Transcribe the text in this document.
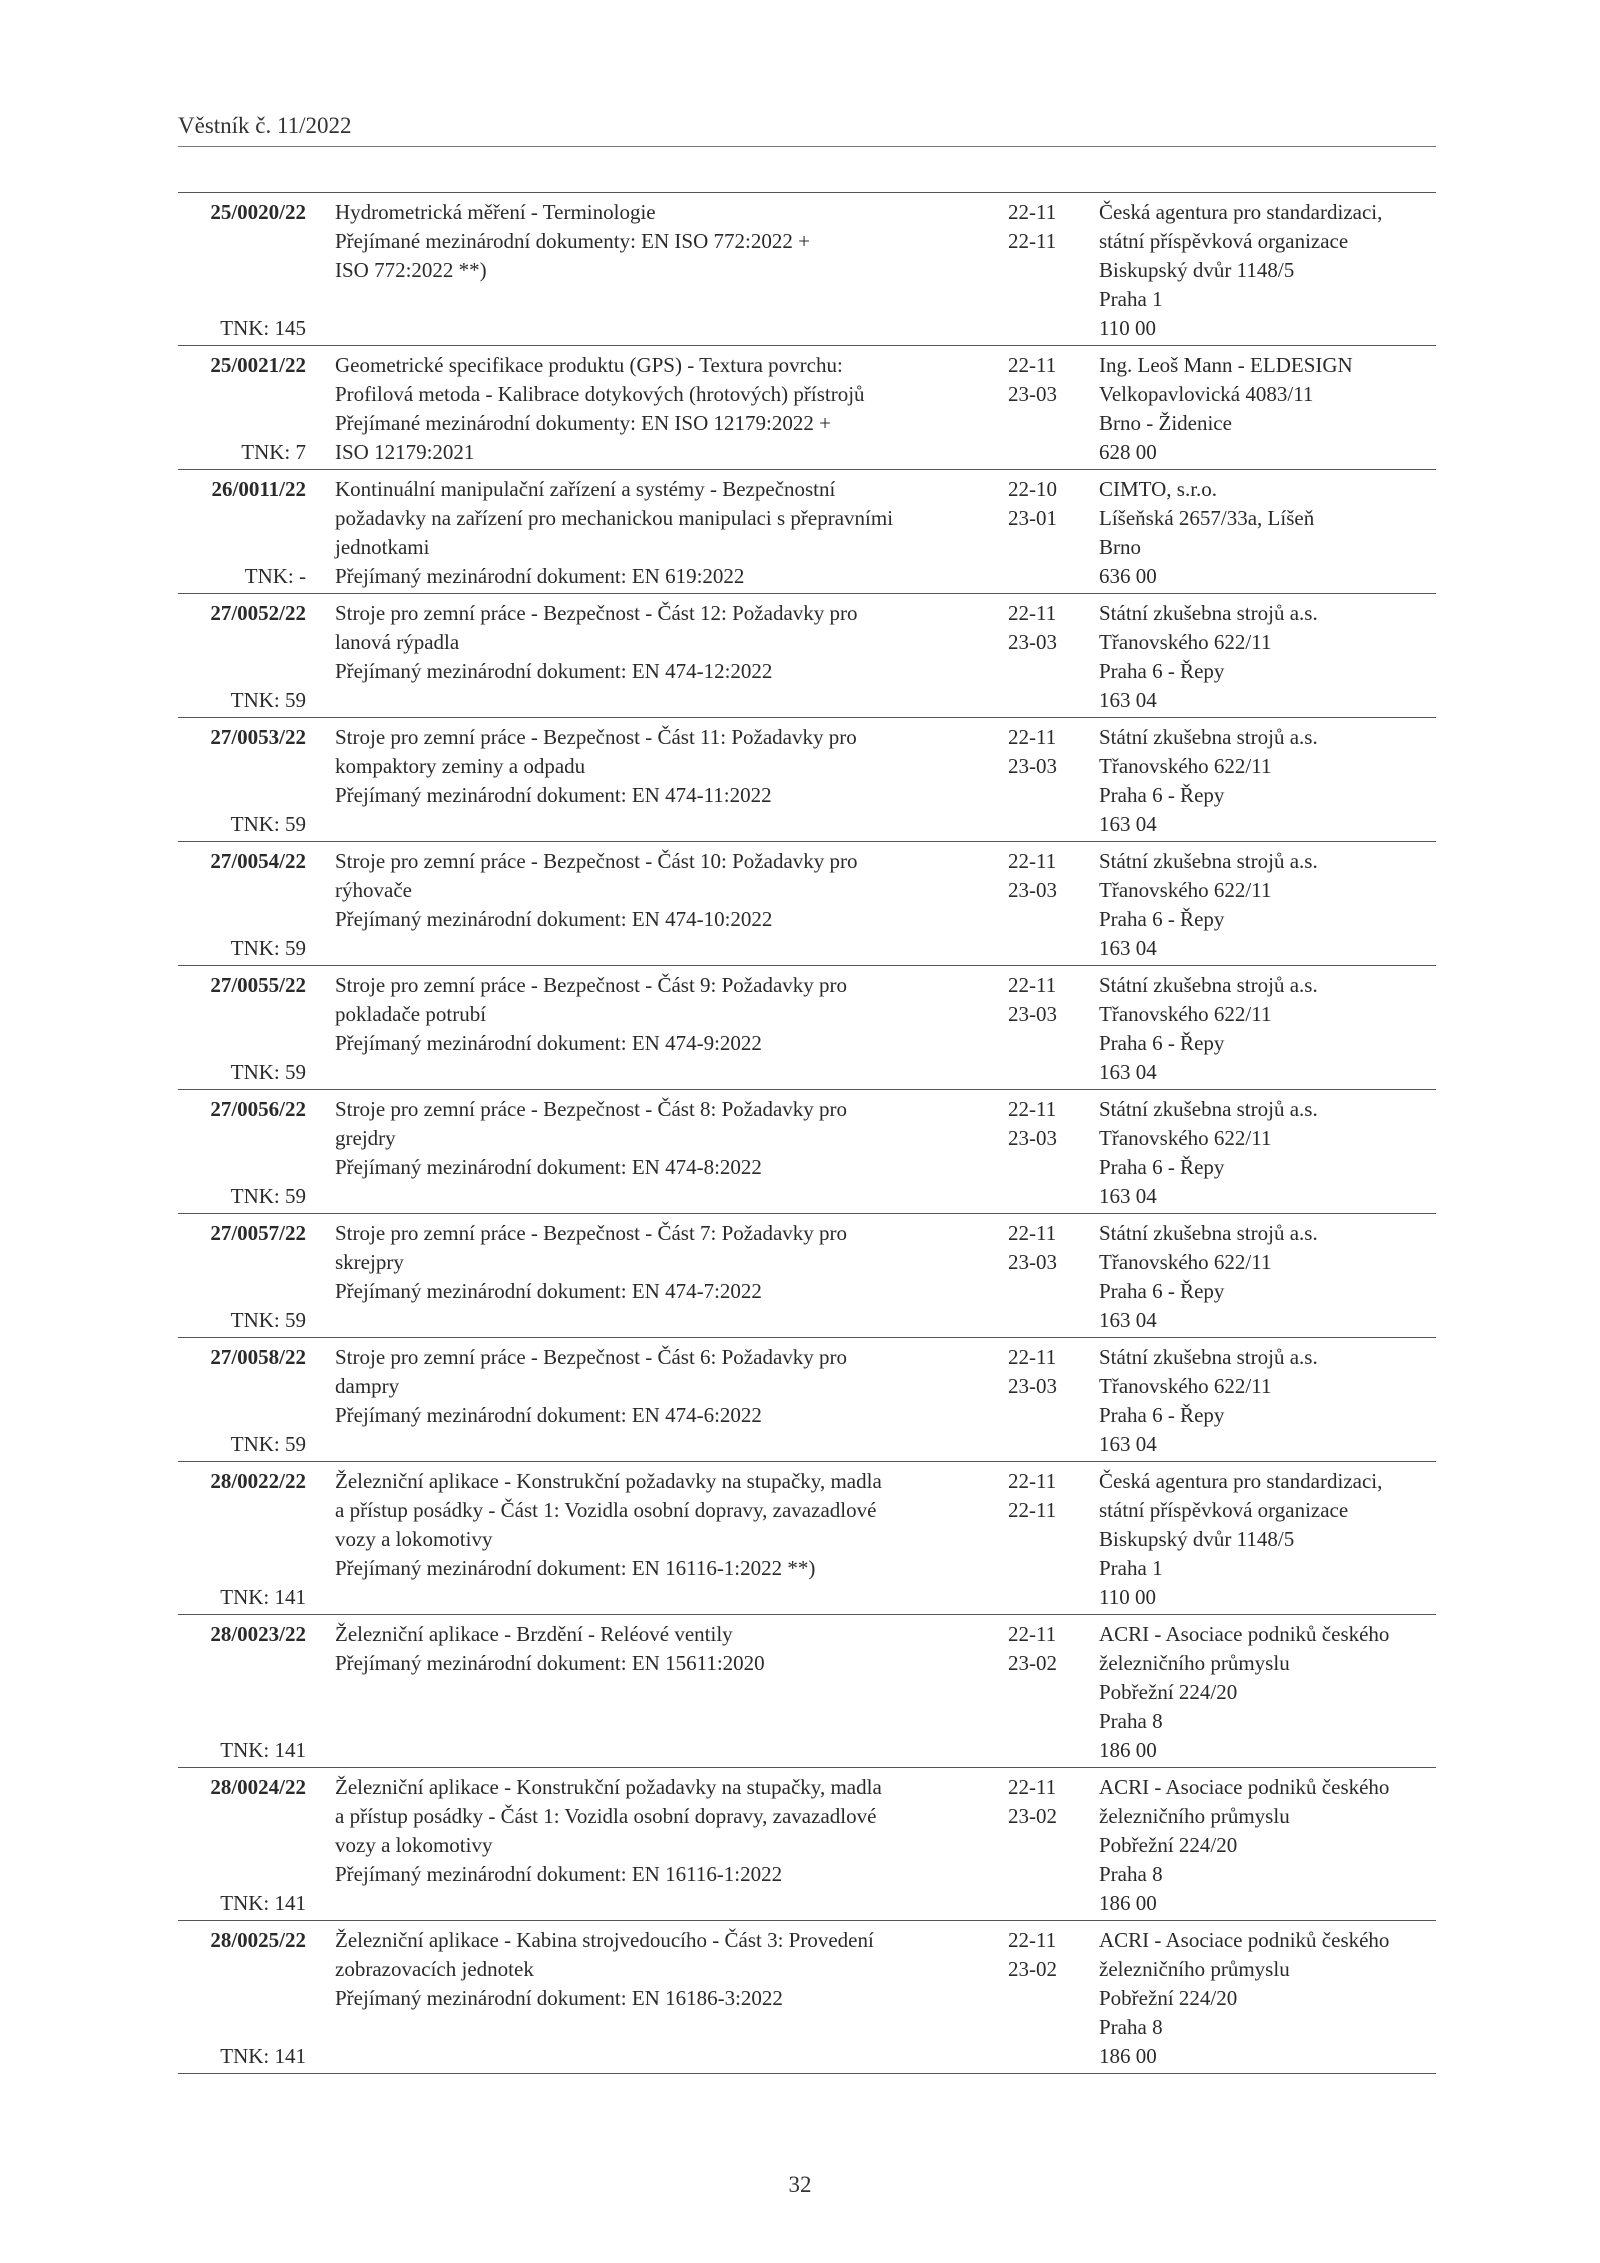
Věstník č. 11/2022
25/0020/22
TNK: 145
Hydrometrická měření - Terminologie
Přejímané mezinárodní dokumenty: EN ISO 772:2022 +
ISO 772:2022 **)
22-11
22-11
Česká agentura pro standardizaci,
státní příspěvková organizace
Biskupský dvůr 1148/5
Praha 1
110 00
25/0021/22
TNK: 7
Geometrické specifikace produktu (GPS) - Textura povrchu:
Profilová metoda - Kalibrace dotykových (hrotových) přístrojů
Přejímané mezinárodní dokumenty: EN ISO 12179:2022 +
ISO 12179:2021
22-11
23-03
Ing. Leoš Mann - ELDESIGN
Velkopavlovická 4083/11
Brno - Židenice
628 00
26/0011/22
TNK: -
Kontinuální manipulační zařízení a systémy - Bezpečnostní
požadavky na zařízení pro mechanickou manipulaci s přepravními
jednotkami
Přejímaný mezinárodní dokument: EN 619:2022
22-10
23-01
CIMTO, s.r.o.
Líšeňská 2657/33a, Líšeň
Brno
636 00
27/0052/22
TNK: 59
Stroje pro zemní práce - Bezpečnost - Část 12: Požadavky pro
lanová rýpadla
Přejímaný mezinárodní dokument: EN 474-12:2022
22-11
23-03
Státní zkušebna strojů a.s.
Třanovského 622/11
Praha 6 - Řepy
163 04
27/0053/22
TNK: 59
Stroje pro zemní práce - Bezpečnost - Část 11: Požadavky pro
kompaktory zeminy a odpadu
Přejímaný mezinárodní dokument: EN 474-11:2022
22-11
23-03
Státní zkušebna strojů a.s.
Třanovského 622/11
Praha 6 - Řepy
163 04
27/0054/22
TNK: 59
Stroje pro zemní práce - Bezpečnost - Část 10: Požadavky pro
rýhovače
Přejímaný mezinárodní dokument: EN 474-10:2022
22-11
23-03
Státní zkušebna strojů a.s.
Třanovského 622/11
Praha 6 - Řepy
163 04
27/0055/22
TNK: 59
Stroje pro zemní práce - Bezpečnost - Část 9: Požadavky pro
pokladače potrubí
Přejímaný mezinárodní dokument: EN 474-9:2022
22-11
23-03
Státní zkušebna strojů a.s.
Třanovského 622/11
Praha 6 - Řepy
163 04
27/0056/22
TNK: 59
Stroje pro zemní práce - Bezpečnost - Část 8: Požadavky pro
grejdry
Přejímaný mezinárodní dokument: EN 474-8:2022
22-11
23-03
Státní zkušebna strojů a.s.
Třanovského 622/11
Praha 6 - Řepy
163 04
27/0057/22
TNK: 59
Stroje pro zemní práce - Bezpečnost - Část 7: Požadavky pro
skrejpry
Přejímaný mezinárodní dokument: EN 474-7:2022
22-11
23-03
Státní zkušebna strojů a.s.
Třanovského 622/11
Praha 6 - Řepy
163 04
27/0058/22
TNK: 59
Stroje pro zemní práce - Bezpečnost - Část 6: Požadavky pro
dampry
Přejímaný mezinárodní dokument: EN 474-6:2022
22-11
23-03
Státní zkušebna strojů a.s.
Třanovského 622/11
Praha 6 - Řepy
163 04
28/0022/22
TNK: 141
Železniční aplikace - Konstrukční požadavky na stupačky, madla
a přístup posádky - Část 1: Vozidla osobní dopravy, zavazadlové
vozy a lokomotivy
Přejímaný mezinárodní dokument: EN 16116-1:2022 **)
22-11
22-11
Česká agentura pro standardizaci,
státní příspěvková organizace
Biskupský dvůr 1148/5
Praha 1
110 00
28/0023/22
TNK: 141
Železniční aplikace - Brzdění - Reléové ventily
Přejímaný mezinárodní dokument: EN 15611:2020
22-11
23-02
ACRI - Asociace podniků českého
železničního průmyslu
Pobřežní 224/20
Praha 8
186 00
28/0024/22
TNK: 141
Železniční aplikace - Konstrukční požadavky na stupačky, madla
a přístup posádky - Část 1: Vozidla osobní dopravy, zavazadlové
vozy a lokomotivy
Přejímaný mezinárodní dokument: EN 16116-1:2022
22-11
23-02
ACRI - Asociace podniků českého
železničního průmyslu
Pobřežní 224/20
Praha 8
186 00
28/0025/22
TNK: 141
Železniční aplikace - Kabina strojvedoucího - Část 3: Provedení
zobrazovacích jednotek
Přejímaný mezinárodní dokument: EN 16186-3:2022
22-11
23-02
ACRI - Asociace podniků českého
železničního průmyslu
Pobřežní 224/20
Praha 8
186 00
32
